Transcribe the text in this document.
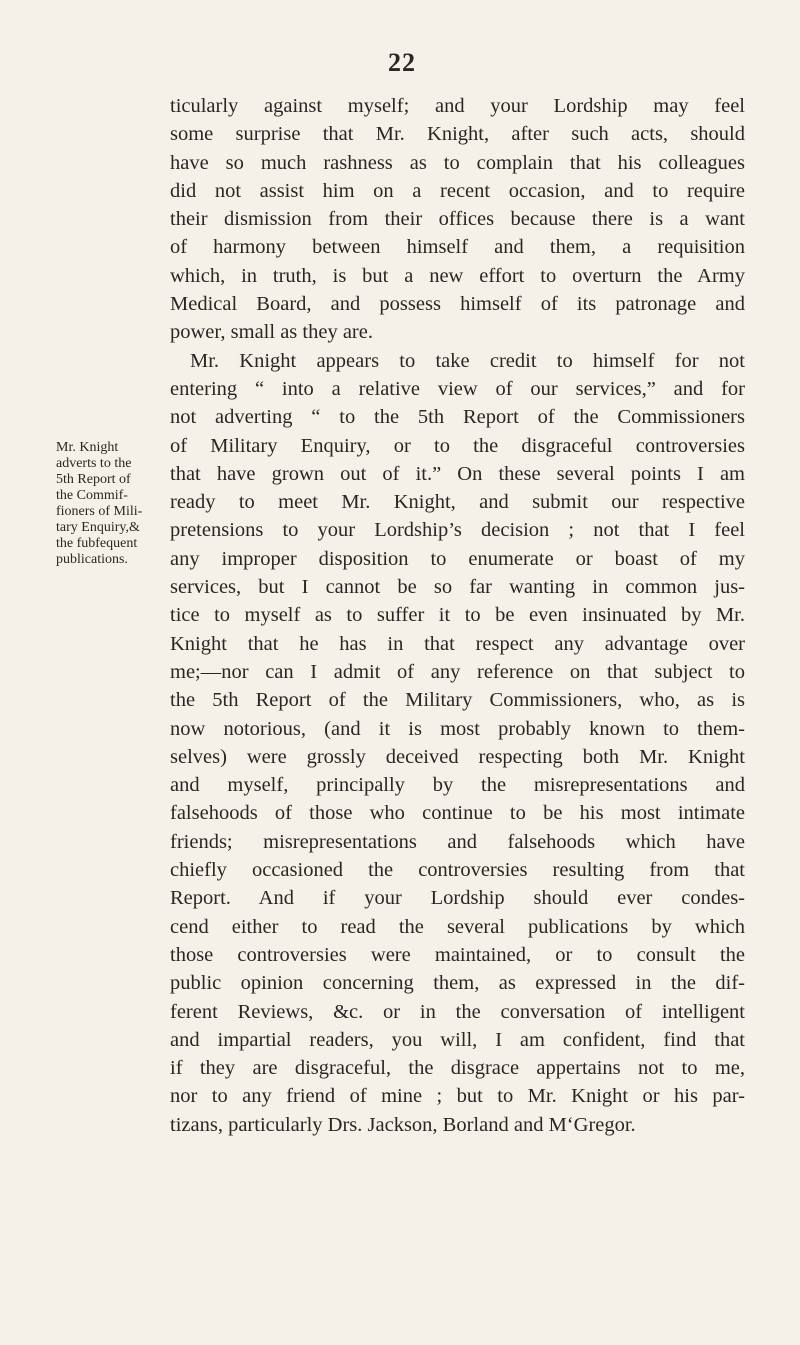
22
Mr. Knight
adverts to the
5th Report of
the Commif-
fioners of Mili-
tary Enquiry,&
the fubfequent
publications.
ticularly against myself; and your Lordship may feel
some surprise that Mr. Knight, after such acts, should
have so much rashness as to complain that his colleagues
did not assist him on a recent occasion, and to require
their dismission from their offices because there is a want
of harmony between himself and them, a requisition
which, in truth, is but a new effort to overturn the Army
Medical Board, and possess himself of its patronage and
power, small as they are.
Mr. Knight appears to take credit to himself for not
entering “ into a relative view of our services,” and for
not adverting “ to the 5th Report of the Commissioners
of Military Enquiry, or to the disgraceful controversies
that have grown out of it.” On these several points I am
ready to meet Mr. Knight, and submit our respective
pretensions to your Lordship’s decision ; not that I feel
any improper disposition to enumerate or boast of my
services, but I cannot be so far wanting in common jus-
tice to myself as to suffer it to be even insinuated by Mr.
Knight that he has in that respect any advantage over
me;—nor can I admit of any reference on that subject to
the 5th Report of the Military Commissioners, who, as is
now notorious, (and it is most probably known to them-
selves) were grossly deceived respecting both Mr. Knight
and myself, principally by the misrepresentations and
falsehoods of those who continue to be his most intimate
friends; misrepresentations and falsehoods which have
chiefly occasioned the controversies resulting from that
Report. And if your Lordship should ever condes-
cend either to read the several publications by which
those controversies were maintained, or to consult the
public opinion concerning them, as expressed in the dif-
ferent Reviews, &c. or in the conversation of intelligent
and impartial readers, you will, I am confident, find that
if they are disgraceful, the disgrace appertains not to me,
nor to any friend of mine ; but to Mr. Knight or his par-
tizans, particularly Drs. Jackson, Borland and M‘Gregor.
